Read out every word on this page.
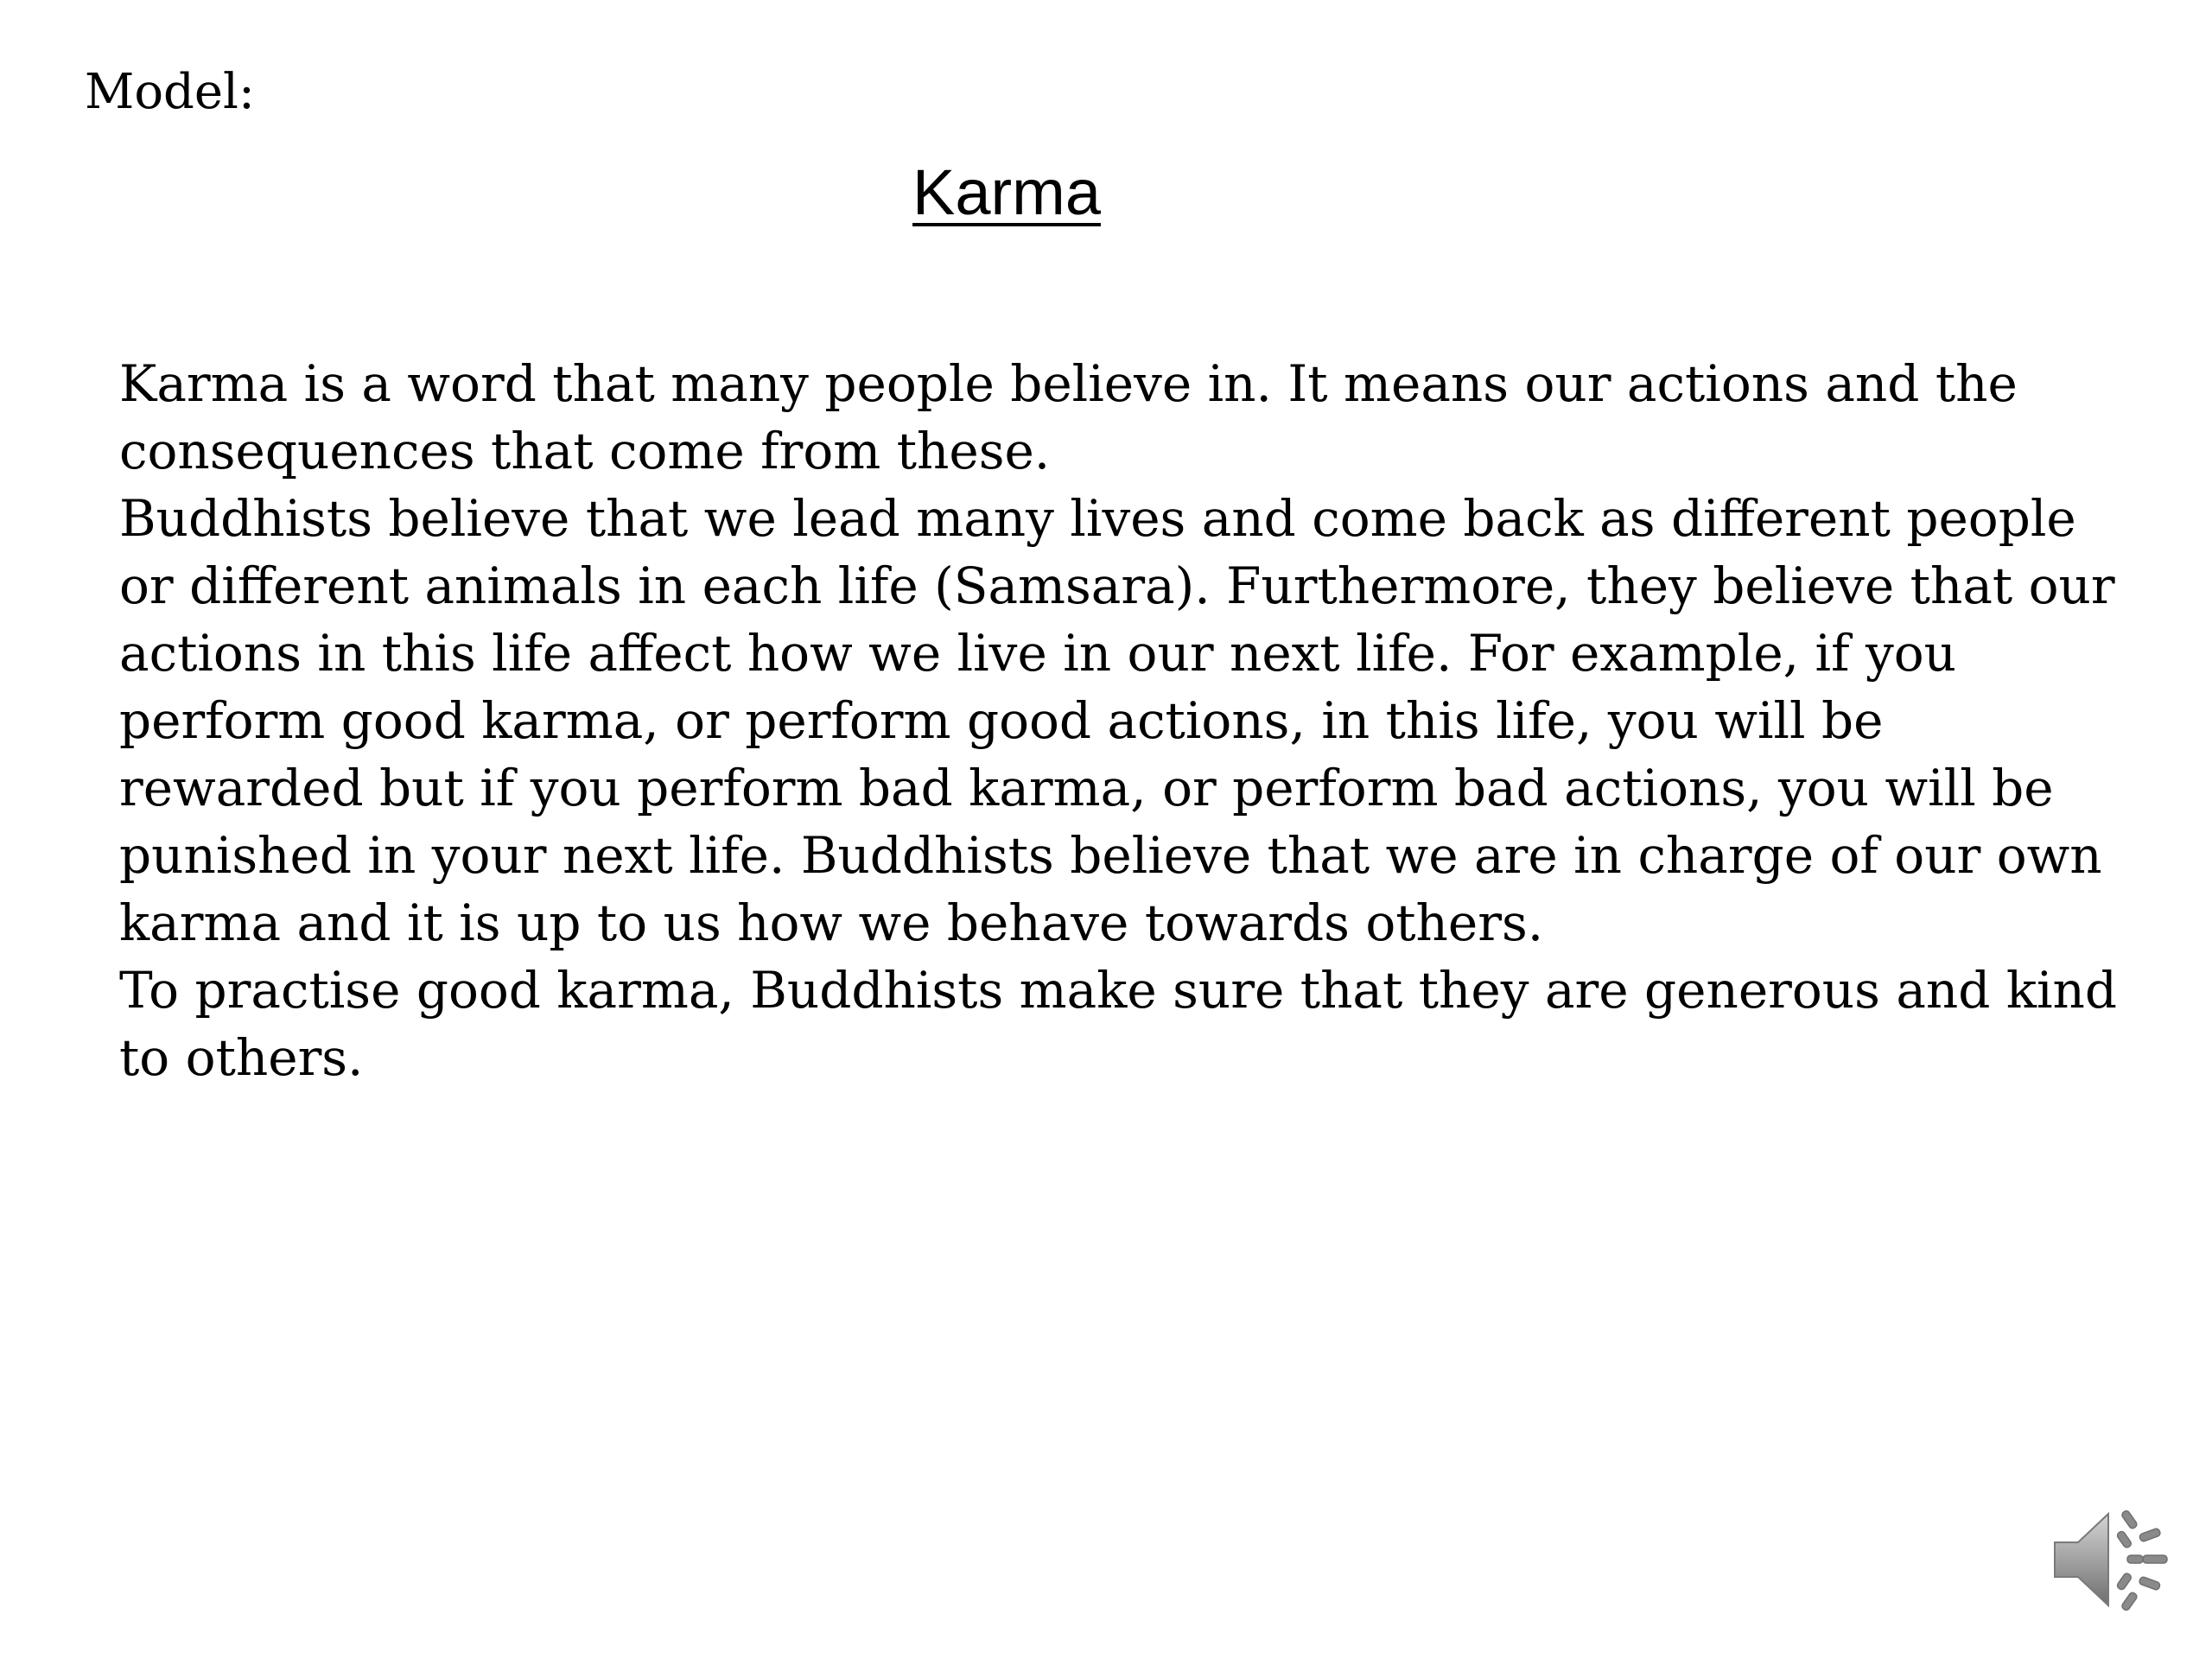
Model:
Karma

Karma is a word that many people believe in. It means our actions and the consequences that come from these.

Buddhists believe that we lead many lives and come back as different people or different animals in each life (Samsara). Furthermore, they believe that our actions in this life affect how we live in our next life. For example, if you perform good karma, or perform good actions, in this life, you will be rewarded but if you perform bad karma, or perform bad actions, you will be punished in your next life. Buddhists believe that we are in charge of our own karma and it is up to us how we behave towards others.

To practise good karma, Buddhists make sure that they are generous and kind to others.
